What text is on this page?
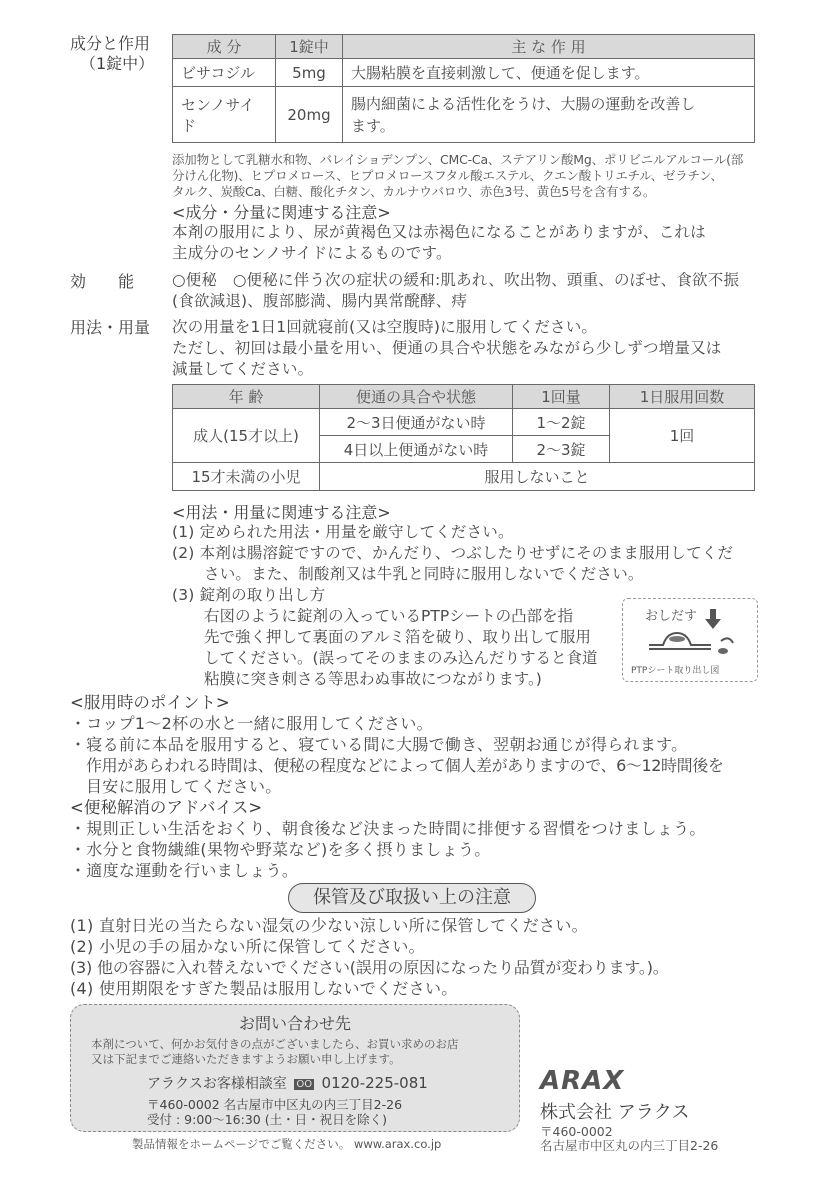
成分と作用
（1錠中）
成 分	1錠中	主 な 作 用
ビサコジル	5mg	大腸粘膜を直接刺激して、便通を促します。
センノサイド	20mg	腸内細菌による活性化をうけ、大腸の運動を改善し
ます。
添加物として乳糖水和物、バレイショデンプン、CMC-Ca、ステアリン酸Mg、ポリビニルアルコール(部
分けん化物)、ヒプロメロース、ヒプロメロースフタル酸エステル、クエン酸トリエチル、ゼラチン、
タルク、炭酸Ca、白糖、酸化チタン、カルナウバロウ、赤色3号、黄色5号を含有する。
<成分・分量に関連する注意>
本剤の服用により、尿が黄褐色又は赤褐色になることがありますが、これは
主成分のセンノサイドによるものです。
効　　能 ○便秘　○便秘に伴う次の症状の緩和:肌あれ、吹出物、頭重、のぼせ、食欲不振
(食欲減退)、腹部膨満、腸内異常醗酵、痔
用法・用量 次の用量を1日1回就寝前(又は空腹時)に服用してください。
ただし、初回は最小量を用い、便通の具合や状態をみながら少しずつ増量又は
減量してください。
年 齢	便通の具合や状態	1回量	1日服用回数
成人(15才以上)	2～3日便通がない時	1～2錠	1回
	4日以上便通がない時	2～3錠	
15才未満の小児	服用しないこと		
<用法・用量に関連する注意>
(1) 定められた用法・用量を厳守してください。
(2) 本剤は腸溶錠ですので、かんだり、つぶしたりせずにそのまま服用してくだ
さい。また、制酸剤又は牛乳と同時に服用しないでください。
(3) 錠剤の取り出し方
右図のように錠剤の入っているPTPシートの凸部を指
先で強く押して裏面のアルミ箔を破り、取り出して服用
してください。(誤ってそのままのみ込んだりすると食道
粘膜に突き刺さる等思わぬ事故につながります。)
おしだす
PTPシート取り出し図
<服用時のポイント>
・コップ1～2杯の水と一緒に服用してください。
・寝る前に本品を服用すると、寝ている間に大腸で働き、翌朝お通じが得られます。
作用があらわれる時間は、便秘の程度などによって個人差がありますので、6～12時間後を
目安に服用してください。
<便秘解消のアドバイス>
・規則正しい生活をおくり、朝食後など決まった時間に排便する習慣をつけましょう。
・水分と食物繊維(果物や野菜など)を多く摂りましょう。
・適度な運動を行いましょう。
保管及び取扱い上の注意
(1) 直射日光の当たらない湿気の少ない涼しい所に保管してください。
(2) 小児の手の届かない所に保管してください。
(3) 他の容器に入れ替えないでください(誤用の原因になったり品質が変わります。)。
(4) 使用期限をすぎた製品は服用しないでください。
お問い合わせ先
本剤について、何かお気付きの点がございましたら、お買い求めのお店
又は下記までご連絡いただきますようお願い申し上げます。
アラクスお客様相談室 OO 0120-225-081
〒460-0002 名古屋市中区丸の内三丁目2-26
受付 : 9:00～16:30 (土・日・祝日を除く)
製品情報をホームページでご覧ください。 www.arax.co.jp
ARAX
株式会社 アラクス
〒460-0002
名古屋市中区丸の内三丁目2-26
